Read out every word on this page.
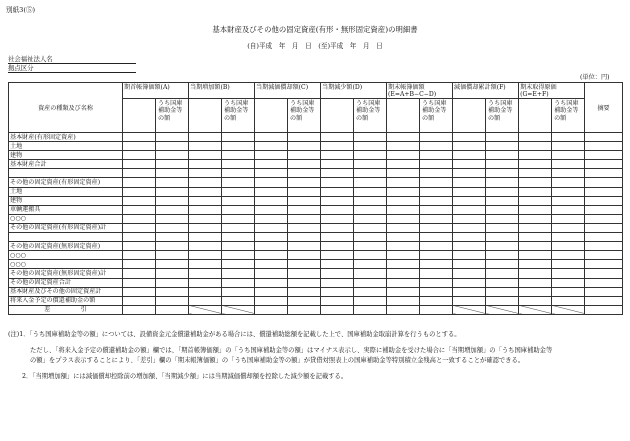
別紙3(⑤)
基本財産及びその他の固定資産(有形・無形固定資産)の明細書
(自)平成　年　月　日　(至)平成　年　月　日
社会福祉法人名
拠点区分
(単位：円)
資産の種類及び名称	期首帳簿価額(A)		当期増加額(B)		当期減価償却額(C)		当期減少額(D)		期末帳簿価額
(E=A+B−C−D)		減価償却累計額(F)		期末取得原価
(G=E+F)		摘要
		うち国庫補助金等の額		うち国庫補助金等の額		うち国庫補助金等の額		うち国庫補助金等の額		うち国庫補助金等の額		うち国庫補助金等の額		うち国庫補助金等の額	
基本財産(有形固定資産)															
土地															
建物															
基本財産合計															

その他の固定資産(有形固定資産)															
土地															
建物															
車輌運搬具															
○○○															
その他の固定資産(有形固定資産)計															

その他の固定資産(無形固定資産)															
○○○															
○○○															
その他の固定資産(無形固定資産)計															
その他の固定資産合計															
基本財産及びその他の固定資産計															
将来入金予定の償還補助金の額															
差　　　　　引															
(注)1．「うち国庫補助金等の額」については、設備資金元金償還補助金がある場合には、償還補助総額を記載した上で、国庫補助金取崩計算を行うものとする。
ただし、「将来入金予定の償還補助金の額」欄では、「期首帳簿価額」の「うち国庫補助金等の額」はマイナス表示し、実際に補助金を受けた場合に「当期増加額」の「うち国庫補助金等
の額」をプラス表示することにより、「差引」欄の「期末帳簿価額」の「うち国庫補助金等の額」が貸借対照表上の国庫補助金等特別積立金残高と一致することが確認できる。
2．「当期増加額」には減価償却控除前の増加額、「当期減少額」には当期減価償却額を控除した減少額を記載する。
